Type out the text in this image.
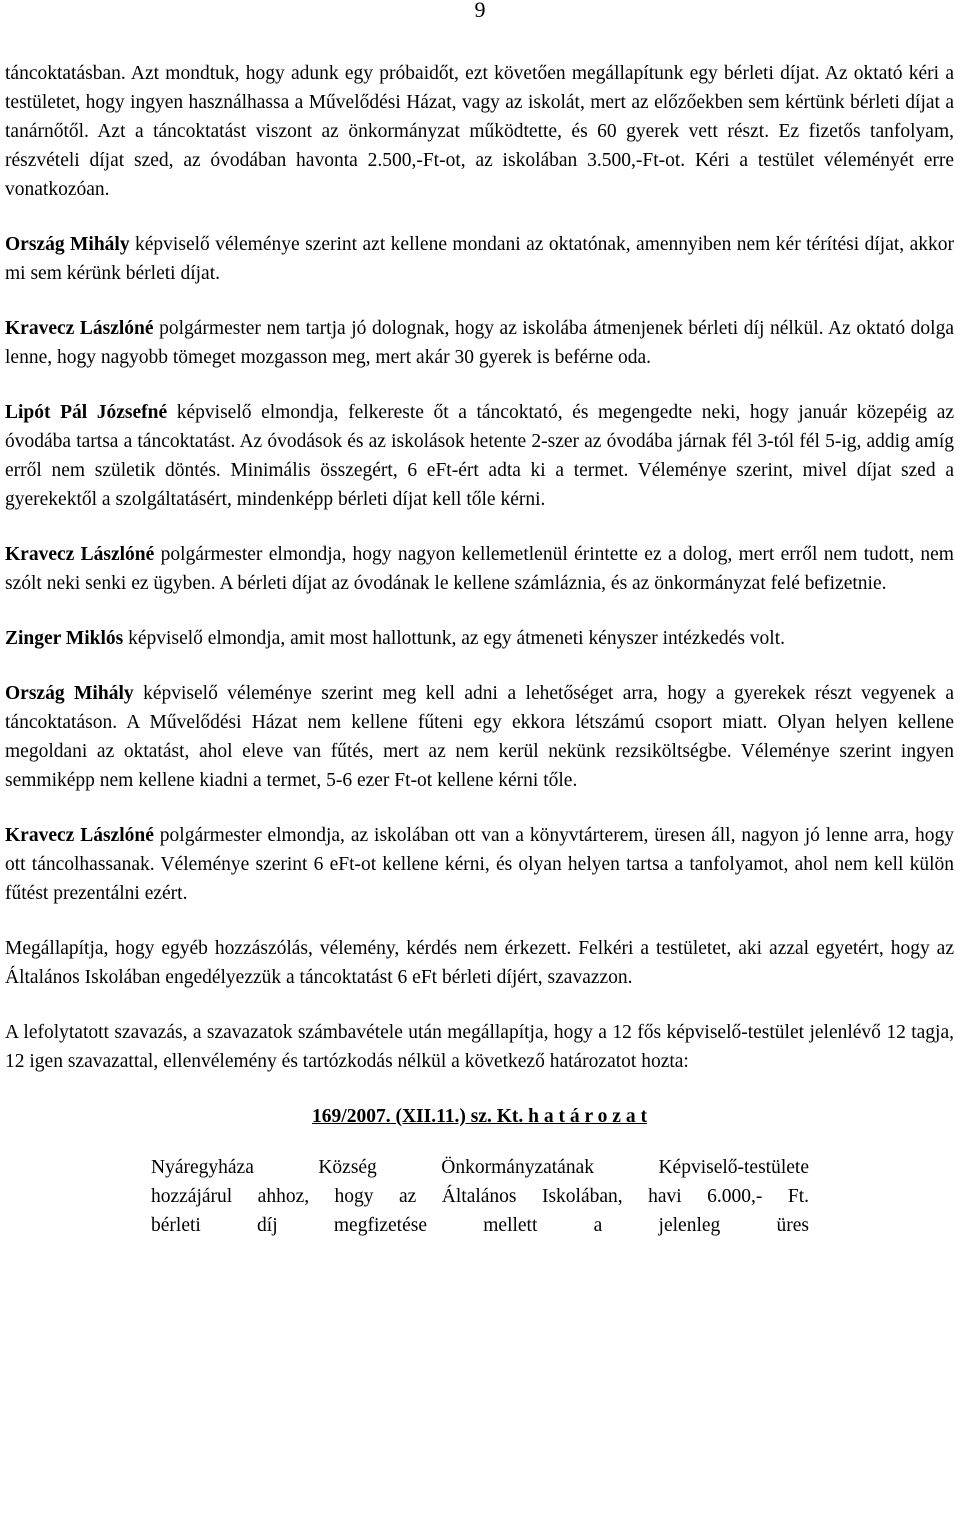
9

táncoktatásban. Azt mondtuk, hogy adunk egy próbaidőt, ezt követően megállapítunk egy bérleti díjat. Az oktató kéri a testületet, hogy ingyen használhassa a Művelődési Házat, vagy az iskolát, mert az előzőekben sem kértünk bérleti díjat a tanárnőtől. Azt a táncoktatást viszont az önkormányzat működtette, és 60 gyerek vett részt. Ez fizetős tanfolyam, részvételi díjat szed, az óvodában havonta 2.500,-Ft-ot, az iskolában 3.500,-Ft-ot. Kéri a testület véleményét erre vonatkozóan.

Ország Mihály képviselő véleménye szerint azt kellene mondani az oktatónak, amennyiben nem kér térítési díjat, akkor mi sem kérünk bérleti díjat.

Kravecz Lászlóné polgármester nem tartja jó dolognak, hogy az iskolába átmenjenek bérleti díj nélkül. Az oktató dolga lenne, hogy nagyobb tömeget mozgasson meg, mert akár 30 gyerek is beférne oda.

Lipót Pál Józsefné képviselő elmondja, felkereste őt a táncoktató, és megengedte neki, hogy január közepéig az óvodába tartsa a táncoktatást. Az óvodások és az iskolások hetente 2-szer az óvodába járnak fél 3-tól fél 5-ig, addig amíg erről nem születik döntés. Minimális összegért, 6 eFt-ért adta ki a termet. Véleménye szerint, mivel díjat szed a gyerekektől a szolgáltatásért, mindenképp bérleti díjat kell tőle kérni.

Kravecz Lászlóné polgármester elmondja, hogy nagyon kellemetlenül érintette ez a dolog, mert erről nem tudott, nem szólt neki senki ez ügyben. A bérleti díjat az óvodának le kellene számláznia, és az önkormányzat felé befizetnie.

Zinger Miklós képviselő elmondja, amit most hallottunk, az egy átmeneti kényszer intézkedés volt.

Ország Mihály képviselő véleménye szerint meg kell adni a lehetőséget arra, hogy a gyerekek részt vegyenek a táncoktatáson. A Művelődési Házat nem kellene fűteni egy ekkora létszámú csoport miatt. Olyan helyen kellene megoldani az oktatást, ahol eleve van fűtés, mert az nem kerül nekünk rezsiköltségbe. Véleménye szerint ingyen semmiképp nem kellene kiadni a termet, 5-6 ezer Ft-ot kellene kérni tőle.

Kravecz Lászlóné polgármester elmondja, az iskolában ott van a könyvtárterem, üresen áll, nagyon jó lenne arra, hogy ott táncolhassanak. Véleménye szerint 6 eFt-ot kellene kérni, és olyan helyen tartsa a tanfolyamot, ahol nem kell külön fűtést prezentálni ezért.

Megállapítja, hogy egyéb hozzászólás, vélemény, kérdés nem érkezett. Felkéri a testületet, aki azzal egyetért, hogy az Általános Iskolában engedélyezzük a táncoktatást 6 eFt bérleti díjért, szavazzon.

A lefolytatott szavazás, a szavazatok számbavétele után megállapítja, hogy a 12 fős képviselő-testület jelenlévő 12 tagja, 12 igen szavazattal, ellenvélemény és tartózkodás nélkül a következő határozatot hozta:

169/2007. (XII.11.) sz. Kt. h a t á r o z a t
Nyáregyháza Község Önkormányzatának Képviselő-testülete
hozzájárul ahhoz, hogy az Általános Iskolában, havi 6.000,- Ft.
bérleti díj megfizetése mellett a jelenleg üres
